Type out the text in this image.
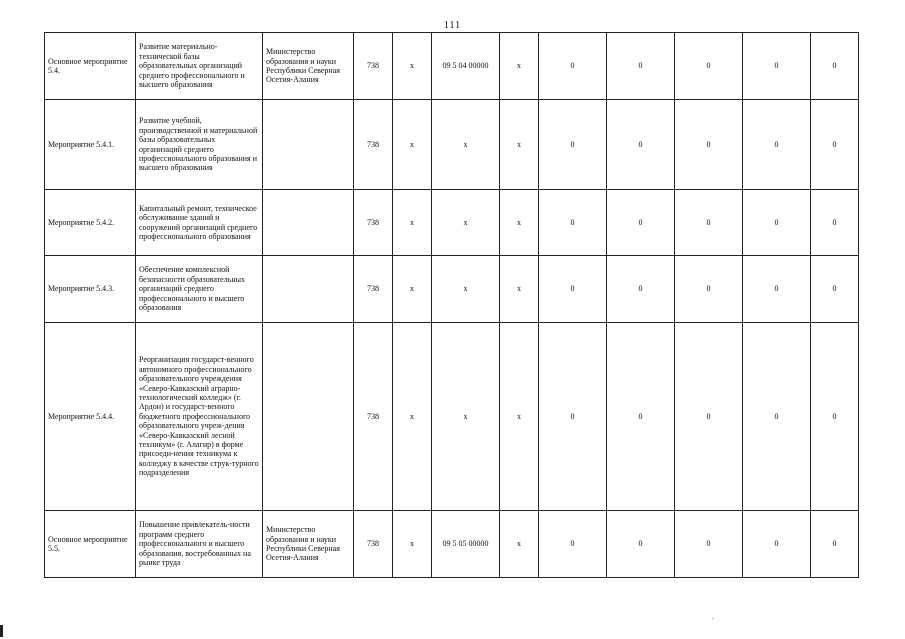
111
Основное мероприятие 5.4.	Развитие материально-технической базы образовательных организаций среднего профессионального и высшего образования	Министерство образования и науки Республики Северная Осетия-Алания	738	x	09 5 04 00000	x	0	0	0	0	0
Мероприятие 5.4.1.	Развитие учебной, производственной и материальной базы образовательных организаций среднего профессионального образования и высшего образования		738	x	x	x	0	0	0	0	0
Мероприятие 5.4.2.	Капитальный ремонт, техническое обслуживание зданий и сооружений организаций среднего профессионального образования		738	x	x	x	0	0	0	0	0
Мероприятие 5.4.3.	Обеспечение комплексной безопасности образовательных организаций среднего профессионального и высшего образования		738	x	x	x	0	0	0	0	0
Мероприятие 5.4.4.	Реорганизация государст-венного автономного профессионального образовательного учреждения «Северо-Кавказский аграрно-технологический колледж» (г. Ардон) и государст-венного бюджетного профессионального образовательного учреж-дения «Северо-Кавказский лесной техникум» (г. Алагир) в форме присоеди-нения техникума к колледжу в качестве струк-турного подразделения		738	x	x	x	0	0	0	0	0
Основное мероприятие 5.5.	Повышение привлекатель-ности программ среднего профессионального и высшего образования, востребованных на рынке труда	Министерство образования и науки Республики Северная Осетия-Алания	738	x	09 5 05 00000	x	0	0	0	0	0
